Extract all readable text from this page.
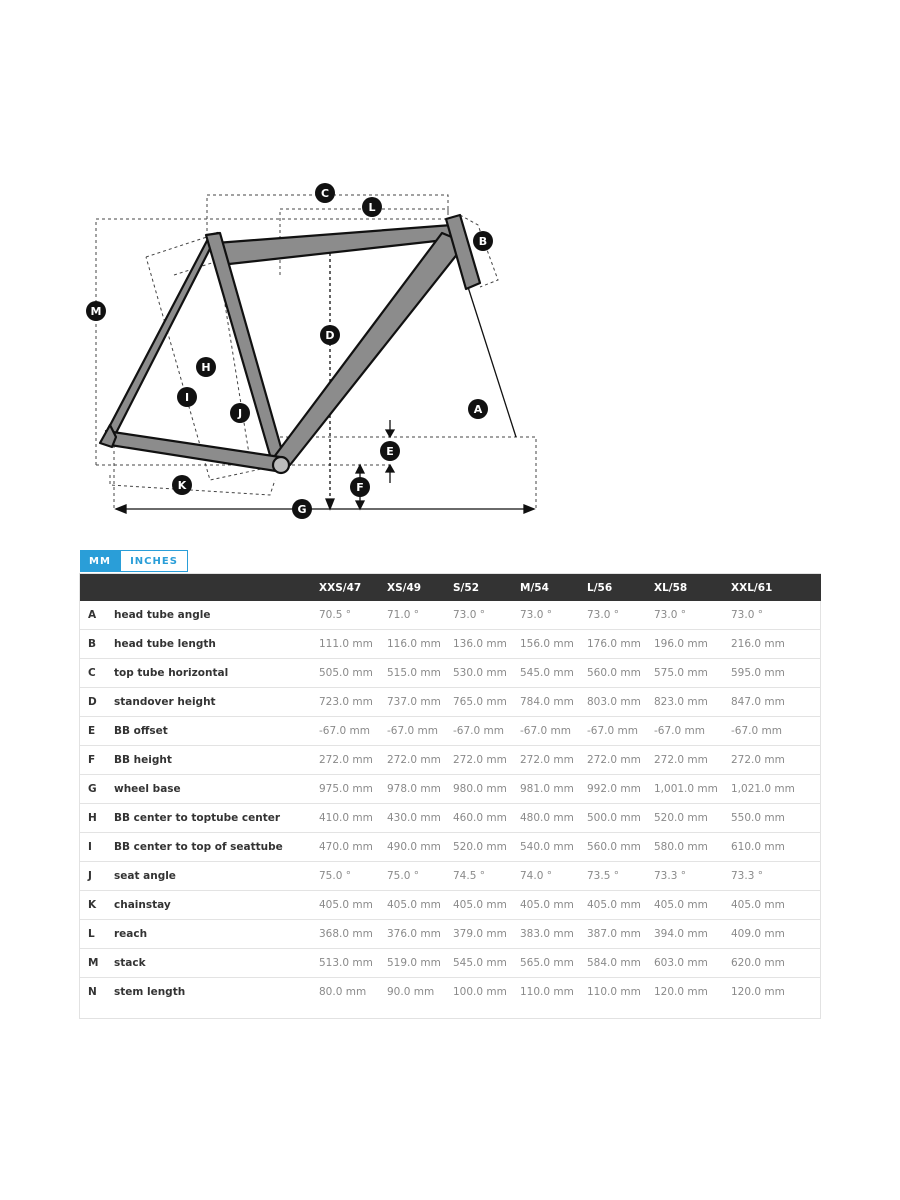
A
B
C
D
E
F
G
H
I
J
K
L
M
MM	INCHES
		XXS/47	XS/49	S/52	M/54	L/56	XL/58	XXL/61
A	head tube angle	70.5 °	71.0 °	73.0 °	73.0 °	73.0 °	73.0 °	73.0 °
B	head tube length	111.0 mm	116.0 mm	136.0 mm	156.0 mm	176.0 mm	196.0 mm	216.0 mm
C	top tube horizontal	505.0 mm	515.0 mm	530.0 mm	545.0 mm	560.0 mm	575.0 mm	595.0 mm
D	standover height	723.0 mm	737.0 mm	765.0 mm	784.0 mm	803.0 mm	823.0 mm	847.0 mm
E	BB offset	-67.0 mm	-67.0 mm	-67.0 mm	-67.0 mm	-67.0 mm	-67.0 mm	-67.0 mm
F	BB height	272.0 mm	272.0 mm	272.0 mm	272.0 mm	272.0 mm	272.0 mm	272.0 mm
G	wheel base	975.0 mm	978.0 mm	980.0 mm	981.0 mm	992.0 mm	1,001.0 mm	1,021.0 mm
H	BB center to toptube center	410.0 mm	430.0 mm	460.0 mm	480.0 mm	500.0 mm	520.0 mm	550.0 mm
I	BB center to top of seattube	470.0 mm	490.0 mm	520.0 mm	540.0 mm	560.0 mm	580.0 mm	610.0 mm
J	seat angle	75.0 °	75.0 °	74.5 °	74.0 °	73.5 °	73.3 °	73.3 °
K	chainstay	405.0 mm	405.0 mm	405.0 mm	405.0 mm	405.0 mm	405.0 mm	405.0 mm
L	reach	368.0 mm	376.0 mm	379.0 mm	383.0 mm	387.0 mm	394.0 mm	409.0 mm
M	stack	513.0 mm	519.0 mm	545.0 mm	565.0 mm	584.0 mm	603.0 mm	620.0 mm
N	stem length	80.0 mm	90.0 mm	100.0 mm	110.0 mm	110.0 mm	120.0 mm	120.0 mm
